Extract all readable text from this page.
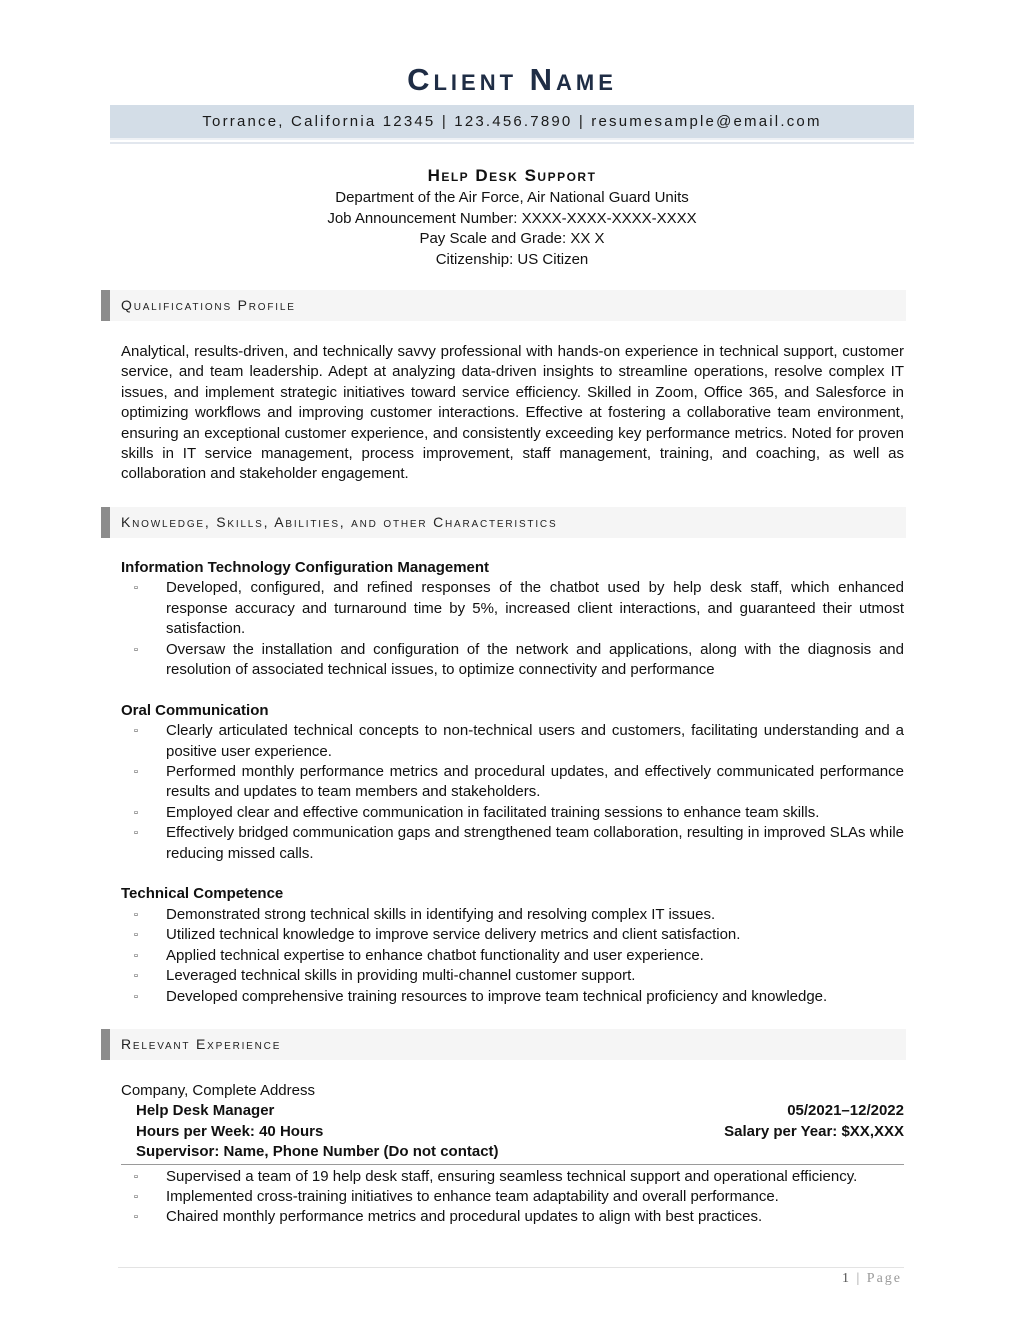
Client Name
Torrance, California 12345 | 123.456.7890 | resumesample@email.com
Help Desk Support
Department of the Air Force, Air National Guard Units
Job Announcement Number: XXXX-XXXX-XXXX-XXXX
Pay Scale and Grade: XX X
Citizenship: US Citizen
Qualifications Profile
Analytical, results-driven, and technically savvy professional with hands-on experience in technical support, customer service, and team leadership. Adept at analyzing data-driven insights to streamline operations, resolve complex IT issues, and implement strategic initiatives toward service efficiency. Skilled in Zoom, Office 365, and Salesforce in optimizing workflows and improving customer interactions. Effective at fostering a collaborative team environment, ensuring an exceptional customer experience, and consistently exceeding key performance metrics. Noted for proven skills in IT service management, process improvement, staff management, training, and coaching, as well as collaboration and stakeholder engagement.
Knowledge, Skills, Abilities, and other Characteristics
Information Technology Configuration Management
▫ Developed, configured, and refined responses of the chatbot used by help desk staff, which enhanced response accuracy and turnaround time by 5%, increased client interactions, and guaranteed their utmost satisfaction.
▫ Oversaw the installation and configuration of the network and applications, along with the diagnosis and resolution of associated technical issues, to optimize connectivity and performance
Oral Communication
▫ Clearly articulated technical concepts to non-technical users and customers, facilitating understanding and a positive user experience.
▫ Performed monthly performance metrics and procedural updates, and effectively communicated performance results and updates to team members and stakeholders.
▫ Employed clear and effective communication in facilitated training sessions to enhance team skills.
▫ Effectively bridged communication gaps and strengthened team collaboration, resulting in improved SLAs while reducing missed calls.
Technical Competence
▫ Demonstrated strong technical skills in identifying and resolving complex IT issues.
▫ Utilized technical knowledge to improve service delivery metrics and client satisfaction.
▫ Applied technical expertise to enhance chatbot functionality and user experience.
▫ Leveraged technical skills in providing multi-channel customer support.
▫ Developed comprehensive training resources to improve team technical proficiency and knowledge.
Relevant Experience
Company, Complete Address
Help Desk Manager	05/2021–12/2022
Hours per Week: 40 Hours	Salary per Year: $XX,XXX
Supervisor: Name, Phone Number (Do not contact)
▫ Supervised a team of 19 help desk staff, ensuring seamless technical support and operational efficiency.
▫ Implemented cross-training initiatives to enhance team adaptability and overall performance.
▫ Chaired monthly performance metrics and procedural updates to align with best practices.
1 | Page
